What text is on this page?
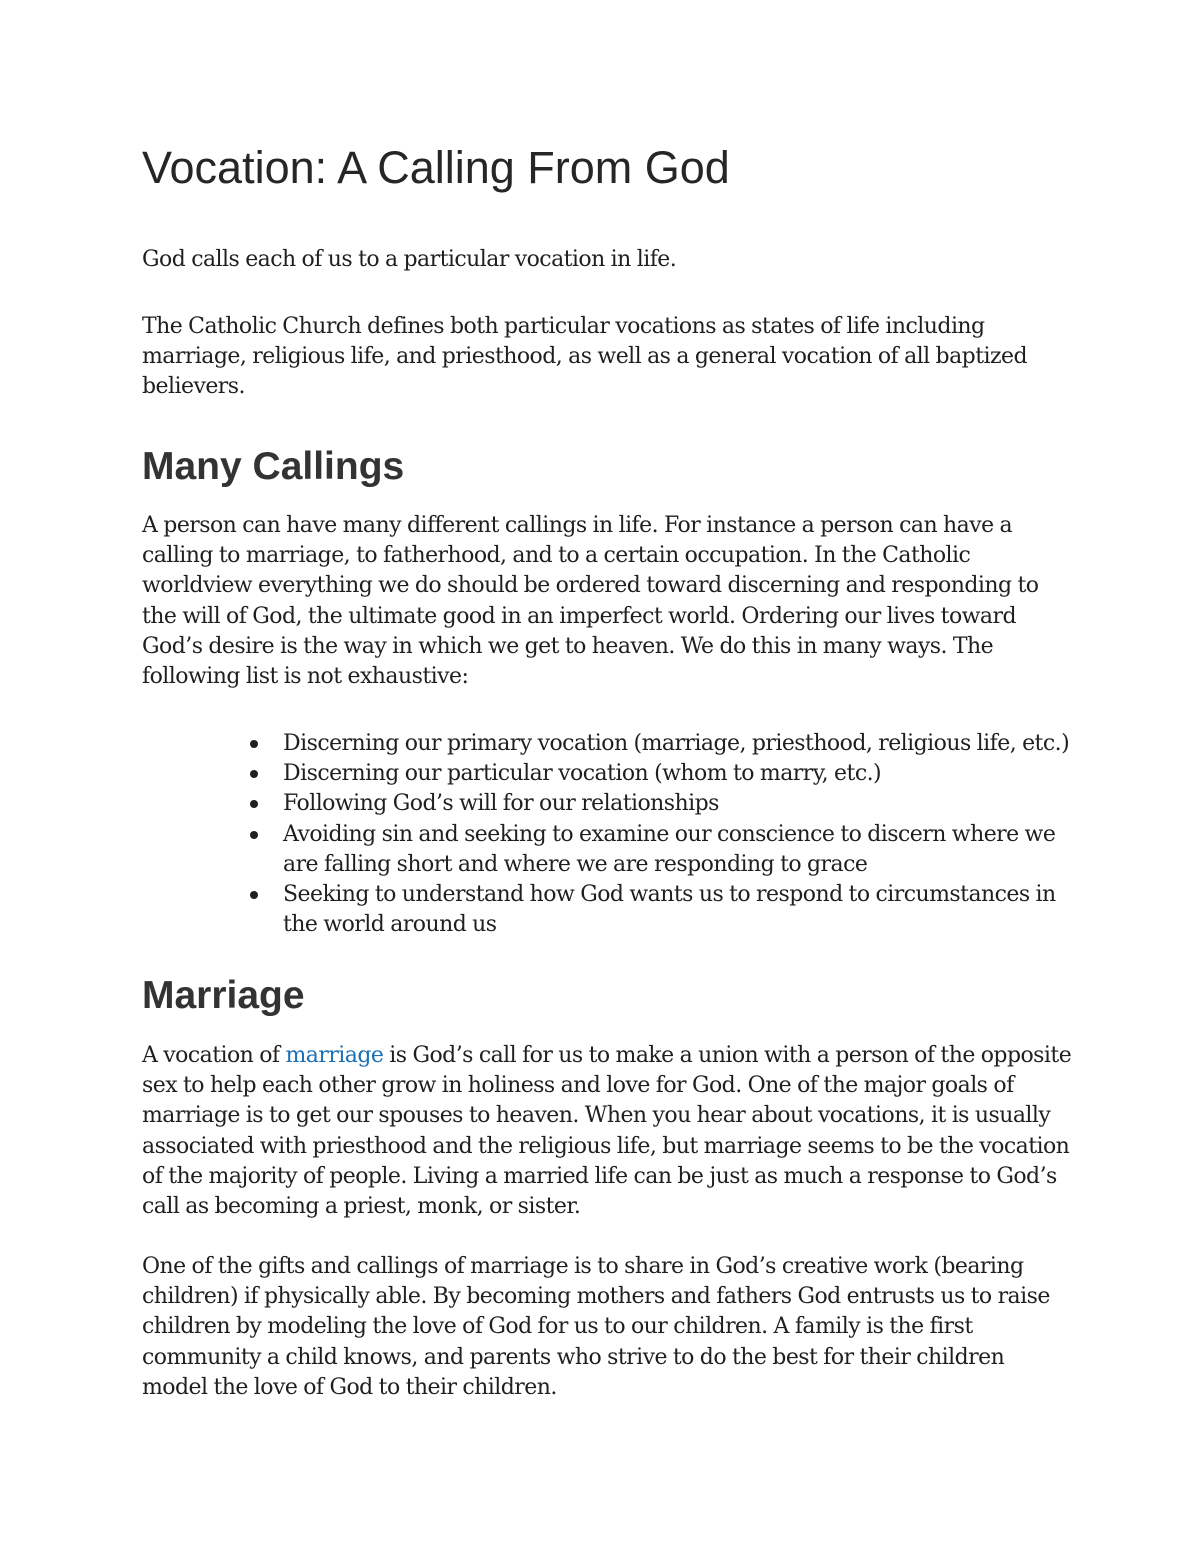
Vocation: A Calling From God

God calls each of us to a particular vocation in life.

The Catholic Church defines both particular vocations as states of life including marriage, religious life, and priesthood, as well as a general vocation of all baptized believers.

Many Callings

A person can have many different callings in life. For instance a person can have a calling to marriage, to fatherhood, and to a certain occupation. In the Catholic worldview everything we do should be ordered toward discerning and responding to the will of God, the ultimate good in an imperfect world. Ordering our lives toward God’s desire is the way in which we get to heaven. We do this in many ways. The following list is not exhaustive:

Discerning our primary vocation (marriage, priesthood, religious life, etc.)
Discerning our particular vocation (whom to marry, etc.)
Following God’s will for our relationships
Avoiding sin and seeking to examine our conscience to discern where we are falling short and where we are responding to grace
Seeking to understand how God wants us to respond to circumstances in the world around us
Marriage

A vocation of marriage is God’s call for us to make a union with a person of the opposite sex to help each other grow in holiness and love for God. One of the major goals of marriage is to get our spouses to heaven. When you hear about vocations, it is usually associated with priesthood and the religious life, but marriage seems to be the vocation of the majority of people. Living a married life can be just as much a response to God’s call as becoming a priest, monk, or sister.

One of the gifts and callings of marriage is to share in God’s creative work (bearing children) if physically able. By becoming mothers and fathers God entrusts us to raise children by modeling the love of God for us to our children. A family is the first community a child knows, and parents who strive to do the best for their children model the love of God to their children.
